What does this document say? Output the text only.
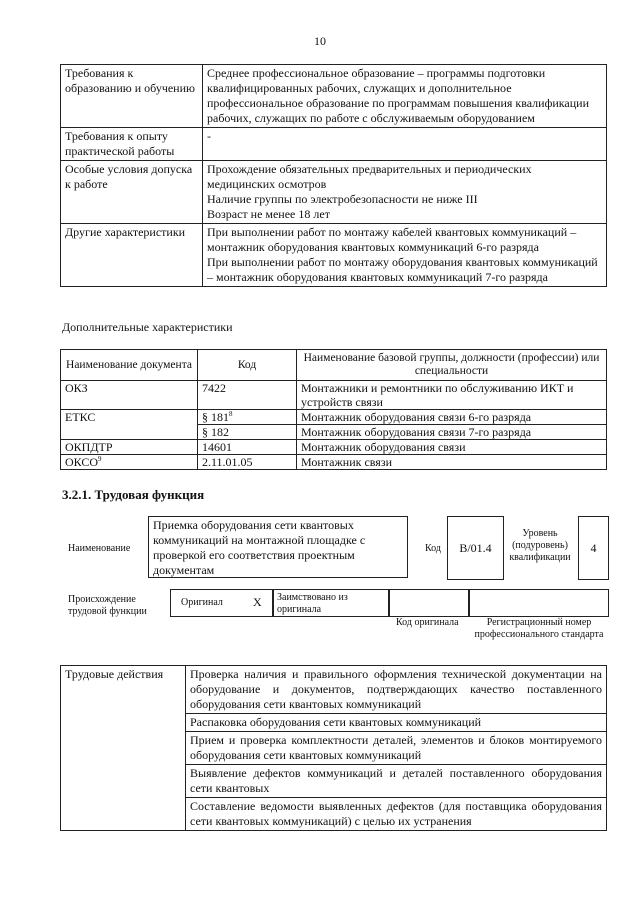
10
Требования к образованию и обучению	Среднее профессиональное образование – программы подготовки квалифицированных рабочих, служащих и дополнительное профессиональное образование по программам повышения квалификации рабочих, служащих по работе с обслуживаемым оборудованием

Требования к опыту практической работы	-

Особые условия допуска к работе	Прохождение обязательных предварительных и периодических медицинских осмотров

Наличие группы по электробезопасности не ниже III

Возраст не менее 18 лет

Другие характеристики	При выполнении работ по монтажу кабелей квантовых коммуникаций – монтажник оборудования квантовых коммуникаций 6-го разряда

При выполнении работ по монтажу оборудования квантовых коммуникаций – монтажник оборудования квантовых коммуникаций 7-го разряда

Дополнительные характеристики
Наименование документа	Код	Наименование базовой группы, должности (профессии) или специальности
ОКЗ	7422	Монтажники и ремонтники по обслуживанию ИКТ и устройств связи
ЕТКС	§ $181^8$	Монтажник оборудования связи 6-го разряда
	§ 182	Монтажник оборудования связи 7-го разряда
ОКПДТР	14601	Монтажник оборудования связи
ОКСО$^9$	2.11.01.05	Монтажник связи
3.2.1. Трудовая функция
Наименование
Приемка оборудования сети квантовых коммуникаций на монтажной площадке с проверкой его соответствия проектным документам
Код	B/01.4
Уровень (подуровень) квалификации
4
Происхождение трудовой функции
Оригинал	X Заимствовано из оригинала
Код оригинала	Регистрационный номер профессионального стандарта
Трудовые действия	Проверка наличия и правильного оформления технической документации на оборудование и документов, подтверждающих качество поставленного оборудования сети квантовых коммуникаций
Распаковка оборудования сети квантовых коммуникаций
Прием и проверка комплектности деталей, элементов и блоков монтируемого оборудования сети квантовых коммуникаций
Выявление дефектов коммуникаций и деталей поставленного оборудования сети квантовых
Составление ведомости выявленных дефектов (для поставщика оборудования сети квантовых коммуникаций) с целью их устранения
